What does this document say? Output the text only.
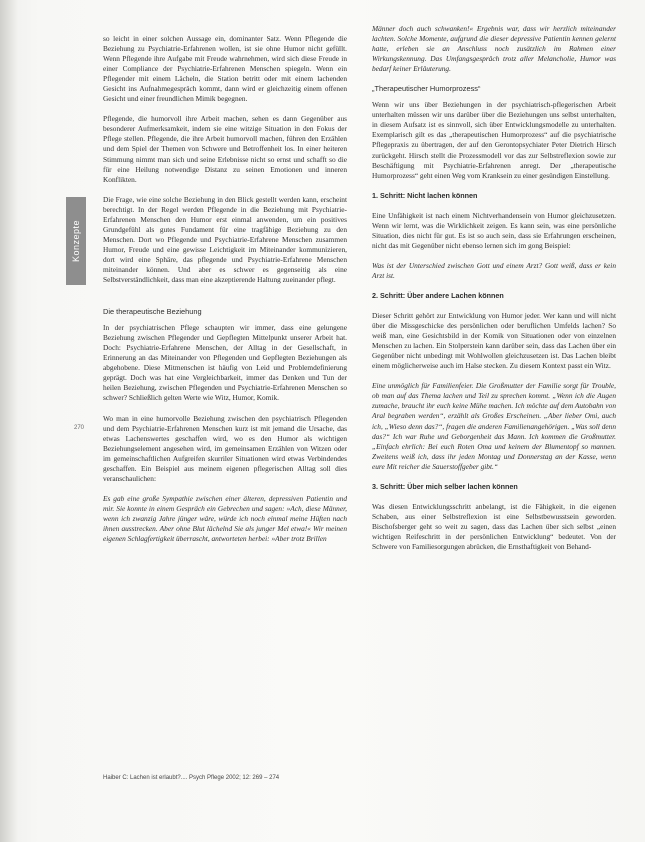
Konzepte
270

so leicht in einer solchen Aussage ein, dominanter Satz. Wenn Pflegende die Beziehung zu Psychiatrie-Erfahrenen wollen, ist sie ohne Humor nicht gefüllt. Wenn Pflegende ihre Aufgabe mit Freude wahrnehmen, wird sich diese Freude in einer Compliance der Psychiatrie-Erfahrenen Menschen spiegeln. Wenn ein Pflegender mit einem Lächeln, die Station betritt oder mit einem lachenden Gesicht ins Aufnahmegespräch kommt, dann wird er gleichzeitig einem offenen Gesicht und einer freundlichen Mimik begegnen.

Pflegende, die humorvoll ihre Arbeit machen, sehen es dann Gegenüber aus besonderer Aufmerksamkeit, indem sie eine witzige Situation in den Fokus der Pflege stellen. Pflegende, die ihre Arbeit humorvoll machen, führen den Erzählen und dem Spiel der Themen von Schwere und Betroffenheit los. In einer heiteren Stimmung nimmt man sich und seine Erlebnisse nicht so ernst und schafft so die für eine Heilung notwendige Distanz zu seinen Emotionen und inneren Konflikten.

Die Frage, wie eine solche Beziehung in den Blick gestellt werden kann, erscheint berechtigt. In der Regel werden Pflegende in die Beziehung mit Psychiatrie-Erfahrenen Menschen den Humor erst einmal anwenden, um ein positives Grundgefühl als gutes Fundament für eine tragfähige Beziehung zu den Menschen. Dort wo Pflegende und Psychiatrie-Erfahrene Menschen zusammen Humor, Freude und eine gewisse Leichtigkeit im Miteinander kommunizieren, dort wird eine Sphäre, das pflegende und Psychiatrie-Erfahrene Menschen miteinander können. Und aber es schwer es gegenseitig als eine Selbstverständlichkeit, dass man eine akzeptierende Haltung zueinander pflegt.

Die therapeutische Beziehung

In der psychiatrischen Pflege schaupten wir immer, dass eine gelungene Beziehung zwischen Pflegender und Gepflegten Mittelpunkt unserer Arbeit hat. Doch: Psychiatrie-Erfahrene Menschen, der Alltag in der Gesellschaft, in Erinnerung an das Miteinander von Pflegenden und Gepflegten Beziehungen als abgehobene. Diese Mitmenschen ist häufig von Leid und Problemdefinierung geprägt. Doch was hat eine Vergleichbarkeit, immer das Denken und Tun der heilen Beziehung, zwischen Pflegenden und Psychiatrie-Erfahrenen Menschen so schwer? Schließlich gelten Werte wie Witz, Humor, Komik.

Wo man in eine humorvolle Beziehung zwischen den psychiatrisch Pflegenden und dem Psychiatrie-Erfahrenen Menschen kurz ist mit jemand die Ursache, das etwas Lachenswertes geschaffen wird, wo es den Humor als wichtigen Beziehungselement angesehen wird, im gemeinsamen Erzählen von Witzen oder im gemeinschaftlichen Aufgreifen skurriler Situationen wird etwas Verbindendes geschaffen. Ein Beispiel aus meinem eigenen pflegerischen Alltag soll dies veranschaulichen:

Es gab eine große Sympathie zwischen einer älteren, depressiven Patientin und mir. Sie konnte in einem Gespräch ein Gebrechen und sagen: »Ach, diese Männer, wenn ich zwanzig Jahre jünger wäre, würde ich noch einmal meine Hüften nach ihnen ausstrecken. Aber ohne Blut lächelnd Sie als junger Mel etwa!« Wir meinen eigenen Schlagfertigkeit überrascht, antworteten herbei: »Aber trotz Brillen

Männer doch auch schwanken!« Ergebnis war, dass wir herzlich miteinander lachten. Solche Momente, aufgrund die dieser depressive Patientin kennen gelernt hatte, erleben sie an Anschluss noch zusätzlich im Rahmen einer Wirkungskennung. Das Umfangsgespräch trotz aller Melancholie, Humor was bedarf keiner Erläuterung.

„Therapeutischer Humorprozess“

Wenn wir uns über Beziehungen in der psychiatrisch-pflegerischen Arbeit unterhalten müssen wir uns darüber über die Beziehungen uns selbst unterhalten, in diesem Aufsatz ist es sinnvoll, sich über Entwicklungsmodelle zu unterhalten. Exemplarisch gilt es das „therapeutischen Humorprozess“ auf die psychiatrische Pflegepraxis zu übertragen, der auf den Gerontopsychiater Peter Dietrich Hirsch zurückgeht. Hirsch stellt die Prozessmodell vor das zur Selbstreflexion sowie zur Beschäftigung mit Psychiatrie-Erfahrenen anregt. Der „therapeutische Humorprozess“ geht einen Weg vom Kranksein zu einer gesündigen Einstellung.

1. Schritt: Nicht lachen können

Eine Unfähigkeit ist nach einem Nichtverhandensein von Humor gleichzusetzen. Wenn wir lernt, was die Wirklichkeit zeigen. Es kann sein, was eine persönliche Situation, dies nicht für gut. Es ist so auch sein, dass sie Erfahrungen erscheinen, nicht das mit Gegenüber nicht ebenso lernen sich im gong Beispiel:

Was ist der Unterschied zwischen Gott und einem Arzt? Gott weiß, dass er kein Arzt ist.

2. Schritt: Über andere Lachen können

Dieser Schritt gehört zur Entwicklung von Humor jeder. Wer kann und will nicht über die Missgeschicke des persönlichen oder beruflichen Umfelds lachen? So weiß man, eine Gesichtsbild in der Komik von Situationen oder von einzelnen Menschen zu lachen. Ein Stolperstein kann darüber sein, dass das Lachen über ein Gegenüber nicht unbedingt mit Wohlwollen gleichzusetzen ist. Das Lachen bleibt einem möglicherweise auch im Halse stecken. Zu diesem Kontext passt ein Witz.

Eine unmöglich für Familienfeier. Die Großmutter der Familie sorgt für Trouble, ob man auf das Thema lachen und Teil zu sprechen kommt. „Wenn ich die Augen zumache, braucht ihr euch keine Mühe machen. Ich möchte auf dem Autobahn von Aral begraben werden“, erzählt als Großes Erscheinen. „Aber lieber Omi, auch ich, „Wieso denn das?“, fragen die anderen Familienangehörigen. „Was soll denn das?“ Ich war Ruhe und Geborgenheit das Mann. Ich kommen die Großmutter. „Einfach ehrlich: Bei euch Roten Oma und keinem der Blumentopf so mannen. Zweitens weiß ich, dass ihr jeden Montag und Donnerstag an der Kasse, wenn eure Mit reicher die Sauerstoffgeber gibt.“

3. Schritt: Über mich selber lachen können

Was diesen Entwicklungsschritt anbelangt, ist die Fähigkeit, in die eigenen Schaben, aus einer Selbstreflexion ist eine Selbstbewusstsein geworden. Bischofsberger geht so weit zu sagen, dass das Lachen über sich selbst „einen wichtigen Reifeschritt in der persönlichen Entwicklung“ bedeutet. Von der Schwere von Familiesorgungen abrücken, die Ernsthaftigkeit von Behand-

Haiber C: Lachen ist erlaubt?.... Psych Pflege 2002; 12: 269 – 274
